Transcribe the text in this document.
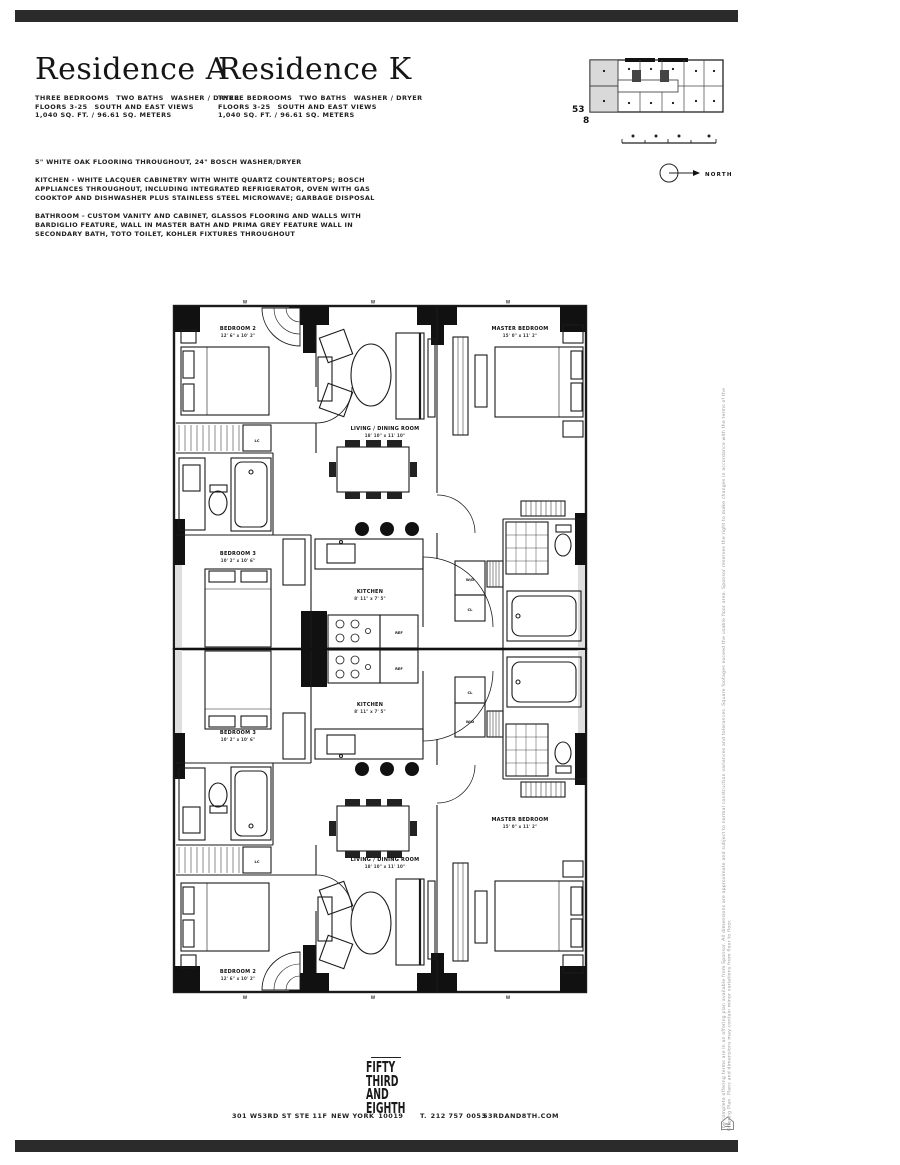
Residence A
THREE BEDROOMS TWO BATHS WASHER / DRYER
FLOORS 3-25 SOUTH AND EAST VIEWS
1,040 SQ. FT. / 96.61 SQ. METERS
Residence K
THREE BEDROOMS TWO BATHS WASHER / DRYER
FLOORS 3-25 SOUTH AND EAST VIEWS
1,040 SQ. FT. / 96.61 SQ. METERS	53
8
NORTH

5" WHITE OAK FLOORING THROUGHOUT, 24" BOSCH WASHER/DRYER

KITCHEN - WHITE LACQUER CABINETRY WITH WHITE QUARTZ COUNTERTOPS; BOSCH APPLIANCES THROUGHOUT, INCLUDING INTEGRATED REFRIGERATOR, OVEN WITH GAS COOKTOP AND DISHWASHER PLUS STAINLESS STEEL MICROWAVE; GARBAGE DISPOSAL

BATHROOM - CUSTOM VANITY AND CABINET, GLASSOS FLOORING AND WALLS WITH BARDIGLIO FEATURE, WALL IN MASTER BATH AND PRIMA GREY FEATURE WALL IN SECONDARY BATH, TOTO TOILET, KOHLER FIXTURES THROUGHOUT

W	W	W
W	W	W
BEDROOM 2
12' 6" x 10' 2"
MASTER BEDROOM
15' 0" x 11' 2"
LIVING / DINING ROOM
18' 10" x 11' 10"
LC
BEDROOM 3
10' 2" x 10' 6"
KITCHEN
8' 11" x 7' 5"
W/D
CL
REF
KITCHEN
8' 11" x 7' 5"
REF
CL
W/D
BEDROOM 3
10' 2" x 10' 6"
MASTER BEDROOM
15' 0" x 11' 2"
LIVING / DINING ROOM
18' 10" x 11' 10"
LC
BEDROOM 2
12' 6" x 10' 2"
301 W53RD ST STE 11F NEW YORK 10019
FIFTY
THIRD
AND
EIGHTH T. 212 757 0053
53RDAND8TH.COM	The complete offering terms are in an offering plan available from Sponsor. All dimensions are approximate and subject to normal construction variances and tolerances. Square footages exceed the usable floor area. Sponsor reserves the right to make changes in accordance with the terms of the Offering Plan. Plans and dimensions may contain minor variations from floor to floor.
